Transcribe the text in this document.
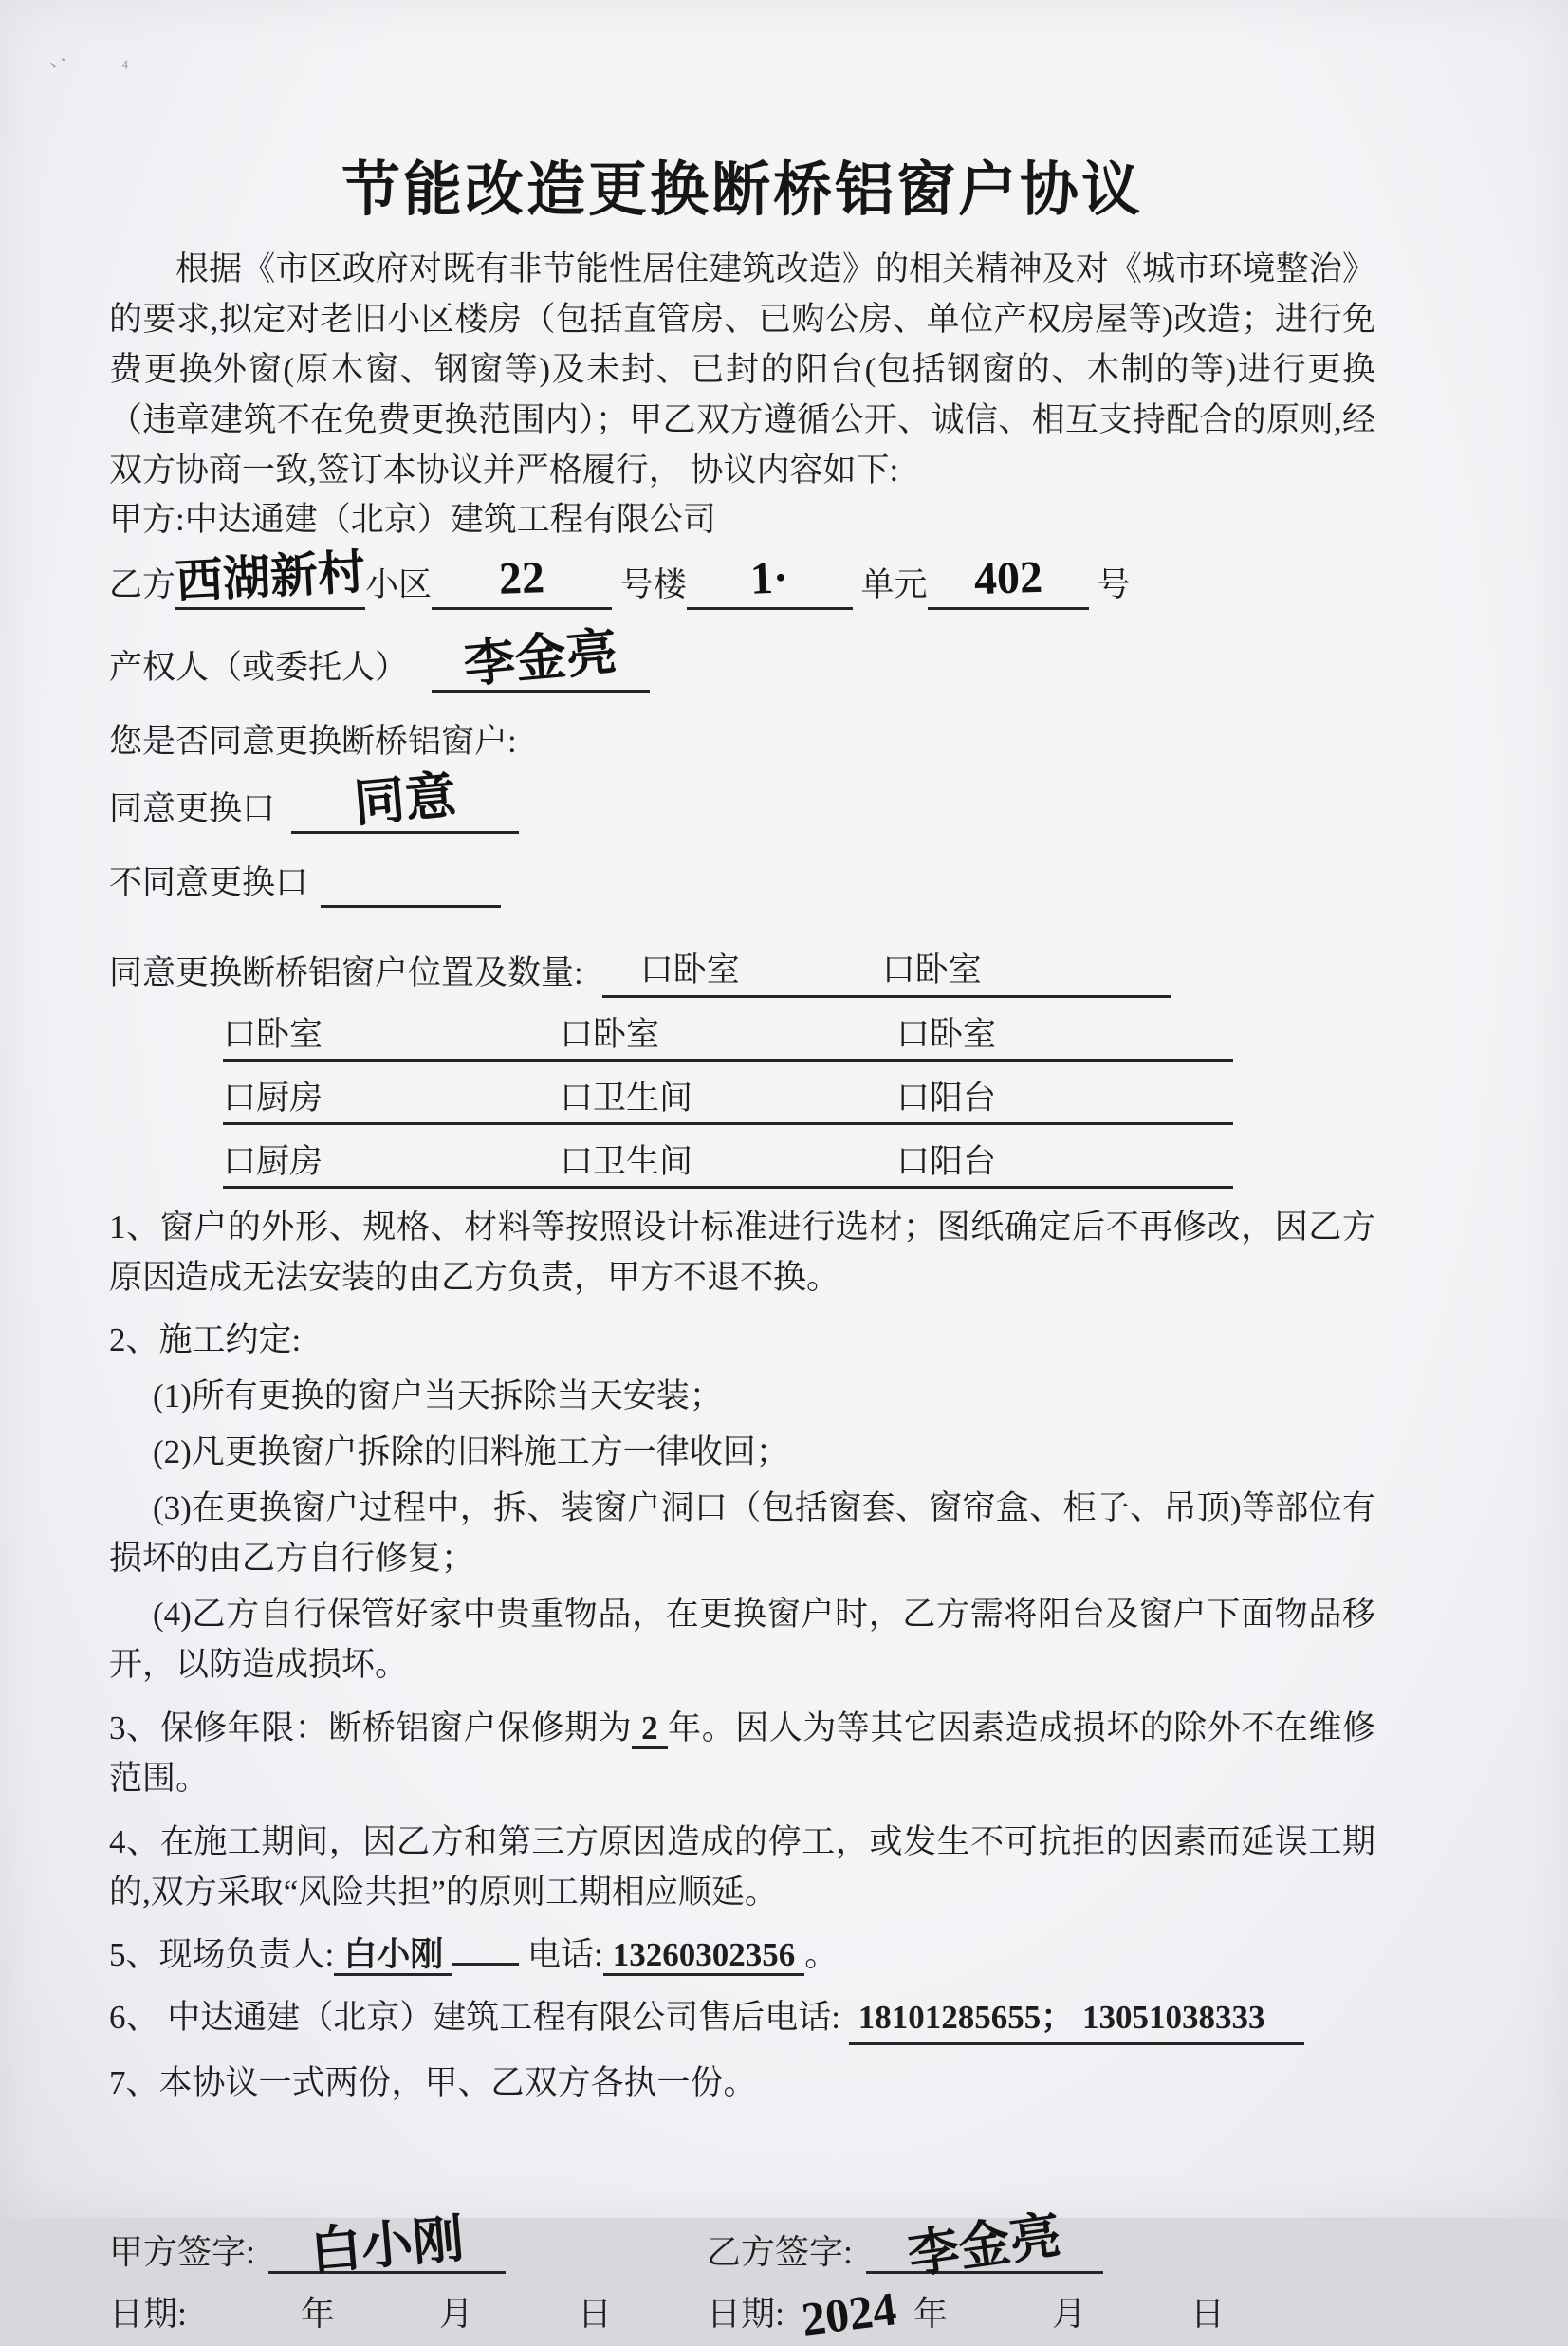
、·	₄
节能改造更换断桥铝窗户协议

根据《市区政府对既有非节能性居住建筑改造》的相关精神及对《城市环境整治》的要求,拟定对老旧小区楼房（包括直管房、已购公房、单位产权房屋等)改造；进行免费更换外窗(原木窗、钢窗等)及未封、已封的阳台(包括钢窗的、木制的等)进行更换（违章建筑不在免费更换范围内）；甲乙双方遵循公开、诚信、相互支持配合的原则,经双方协商一致,签订本协议并严格履行， 协议内容如下:

甲方:中达通建（北京）建筑工程有限公司

乙方西湖新村小区 22 号楼 1· 单元 402 号
产权人（或委托人） 李金亮

您是否同意更换断桥铝窗户:

同意更换口 同意
不同意更换口
同意更换断桥铝窗户位置及数量: 口卧室	口卧室
口卧室	口卧室	口卧室
口厨房	口卫生间	口阳台
口厨房	口卫生间	口阳台

1、窗户的外形、规格、材料等按照设计标准进行选材；图纸确定后不再修改，因乙方原因造成无法安装的由乙方负责，甲方不退不换。

2、施工约定:

(1)所有更换的窗户当天拆除当天安装；

(2)凡更换窗户拆除的旧料施工方一律收回；

(3)在更换窗户过程中，拆、装窗户洞口（包括窗套、窗帘盒、柜子、吊顶)等部位有损坏的由乙方自行修复；

(4)乙方自行保管好家中贵重物品，在更换窗户时，乙方需将阳台及窗户下面物品移开，以防造成损坏。

3、保修年限：断桥铝窗户保修期为 2 年。因人为等其它因素造成损坏的除外不在维修范围。

4、在施工期间，因乙方和第三方原因造成的停工，或发生不可抗拒的因素而延误工期的,双方采取“风险共担”的原则工期相应顺延。

5、现场负责人: 白小刚	电话: 13260302356 。

6、 中达通建（北京）建筑工程有限公司售后电话: 18101285655； 13051038333

7、本协议一式两份，甲、乙双方各执一份。

甲方签字:	白小刚
日期:	年	月	日
乙方签字:	李金亮
日期: 2024 年	月	日
